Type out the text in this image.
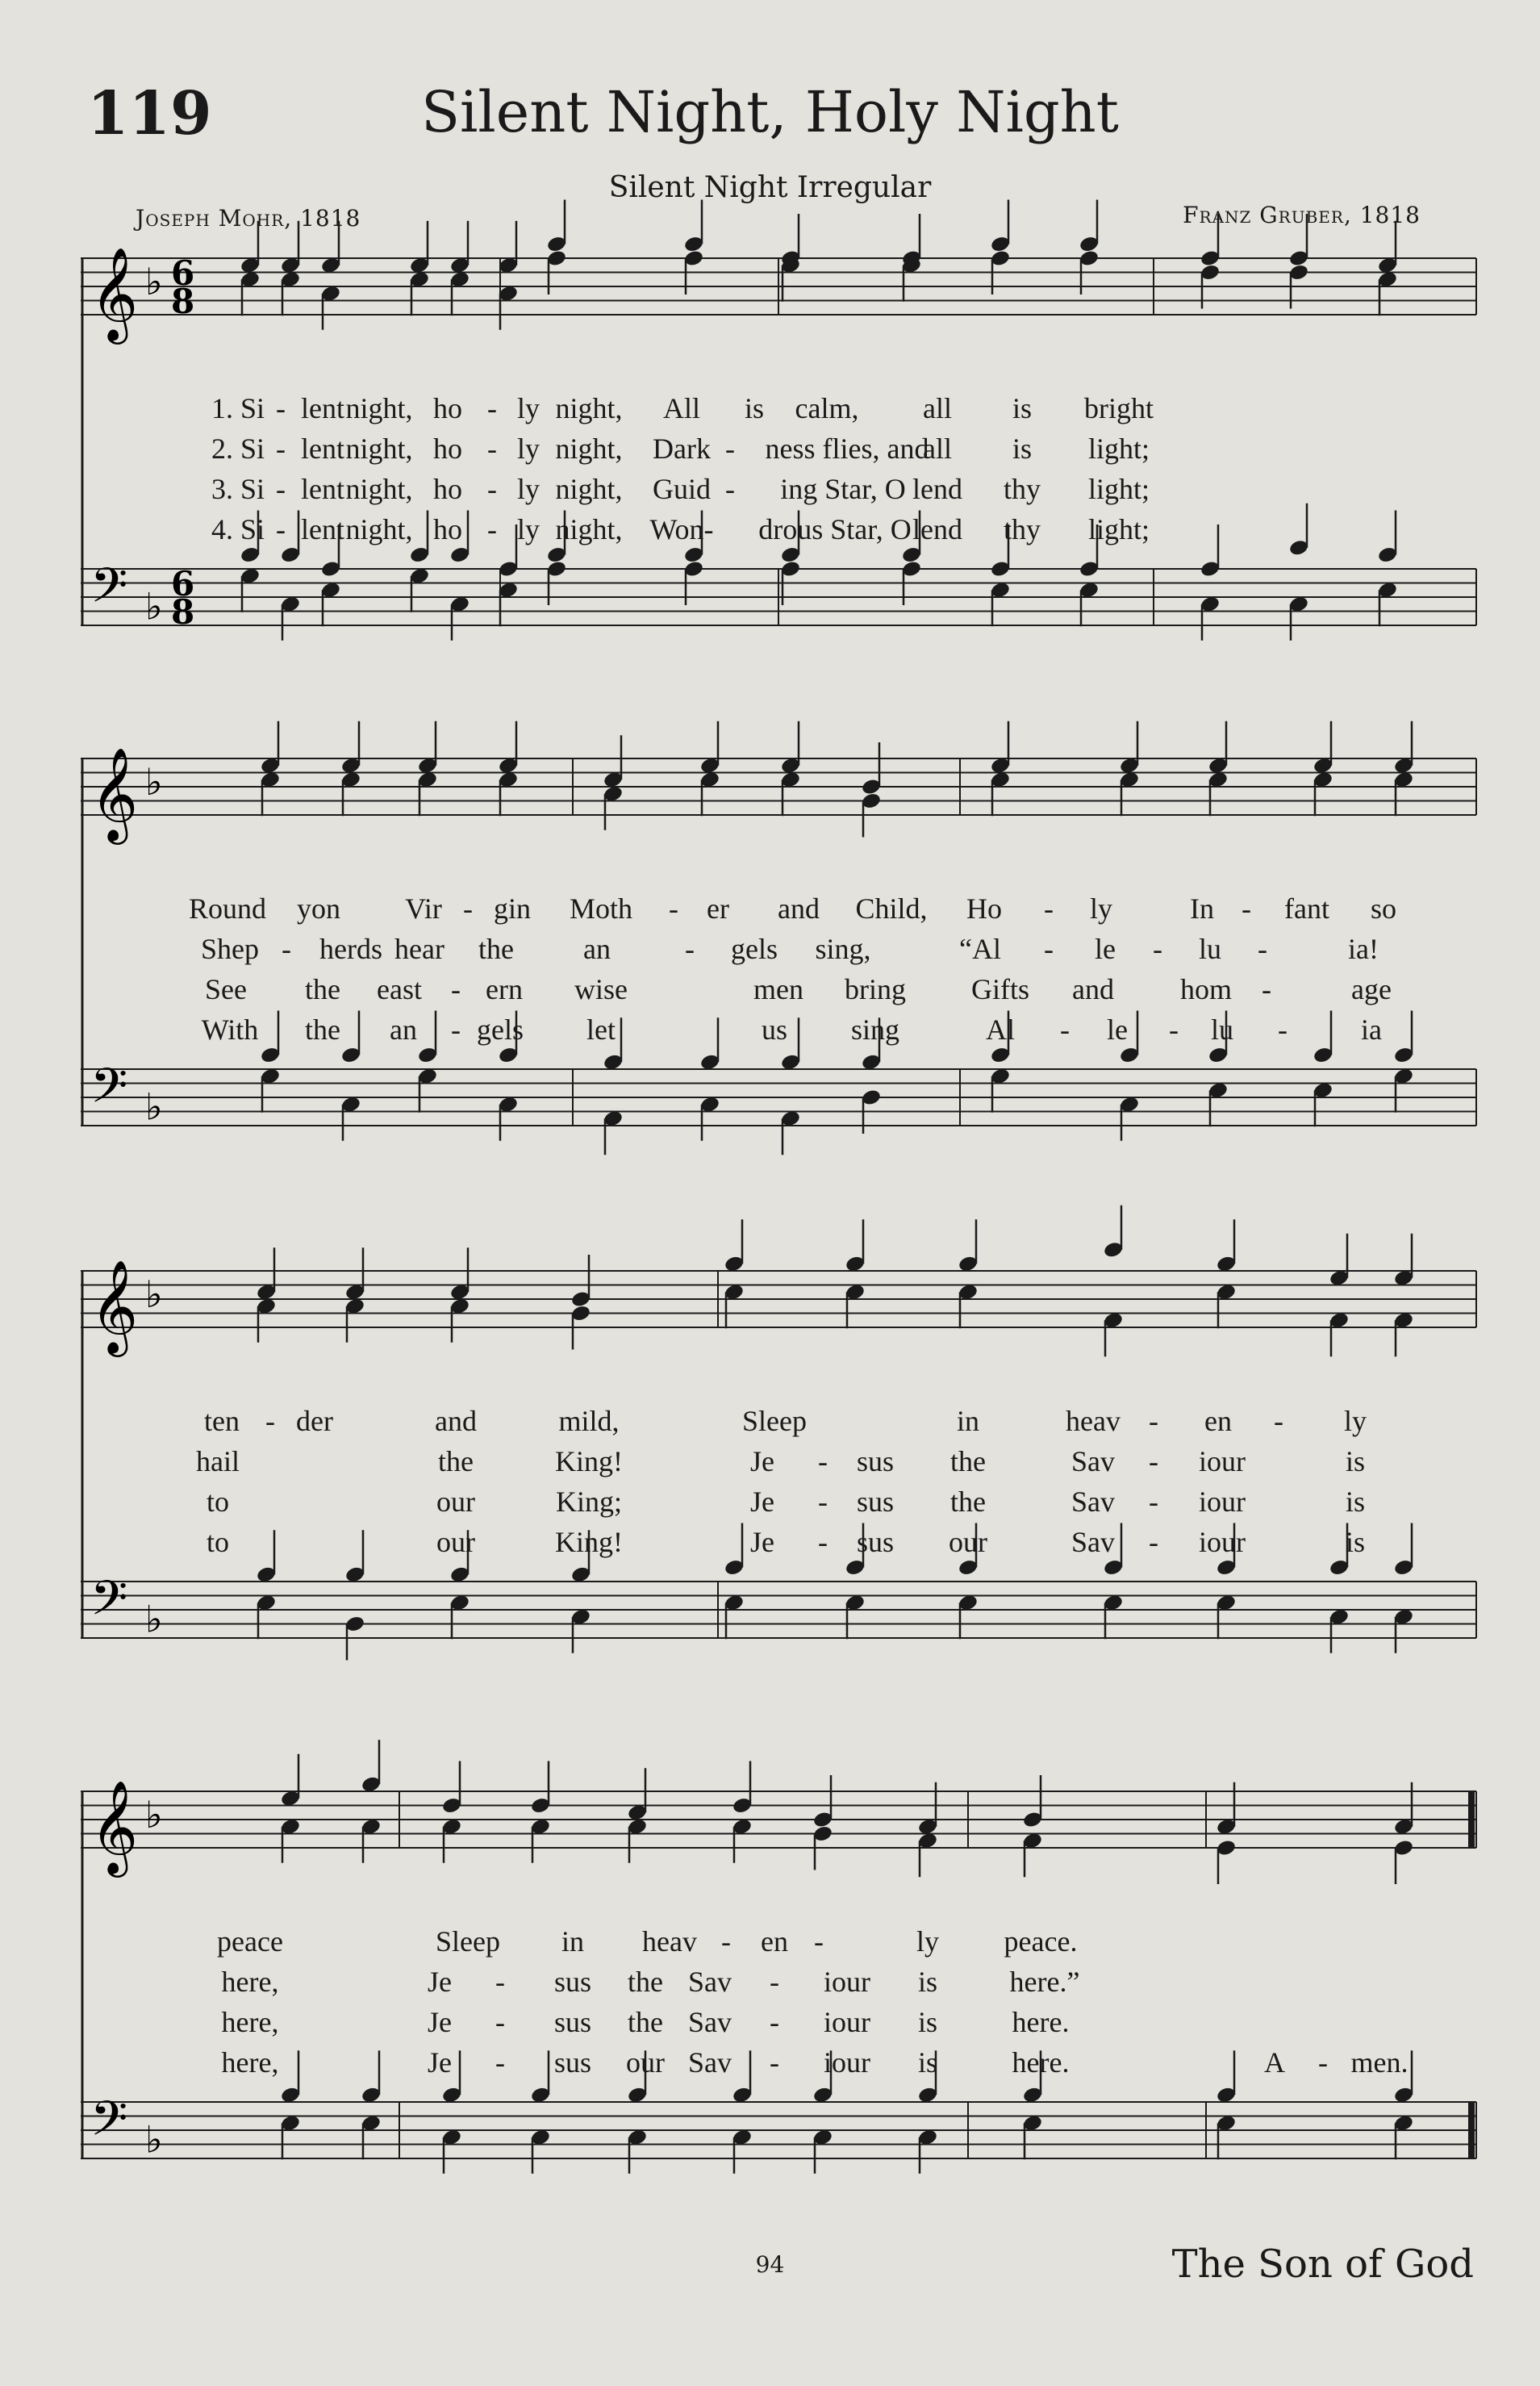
119	Silent Night, Holy Night
Silent Night Irregular
Joseph Mohr, 1818	Franz Gruber, 1818
𝄞
𝄢
♭
♭
6
8
6
8
1. Si - lent night, ho - ly night, All is calm, all is bright
2. Si - lent night, ho - ly night, Dark - ness flies, and
all is light;
3. Si - lent night, ho - ly night, Guid - ing Star, O lend thy light;
4. Si - lent night, ho - ly night, Won- drous Star, O lend thy light;
𝄞
𝄢
♭
♭
Round yon Vir - gin Moth - er and Child, Ho - ly	In - fant so
Shep - herds hear the an	- gels sing,	“Al - le - lu -	ia!
See the east - ern wise	men bring Gifts and hom -	age
With the an - gels let	us sing	Al - le - lu -	ia
𝄞
𝄢
♭
♭
ten - der	and	mild,	Sleep	in	heav - en - ly
hail	the	King!	Je - sus the	Sav - iour	is
to	our	King;	Je - sus the	Sav - iour	is
to	our	King!	Je - sus our	Sav - iour	is
𝄞
𝄢
♭
♭
peace	Sleep in heav - en -	ly peace.
here,	Je - sus the Sav - iour is here.”
here,	Je - sus the Sav - iour is	here.
here,	Je - sus our Sav - iour is	here.	A - men.
94	The Son of God
